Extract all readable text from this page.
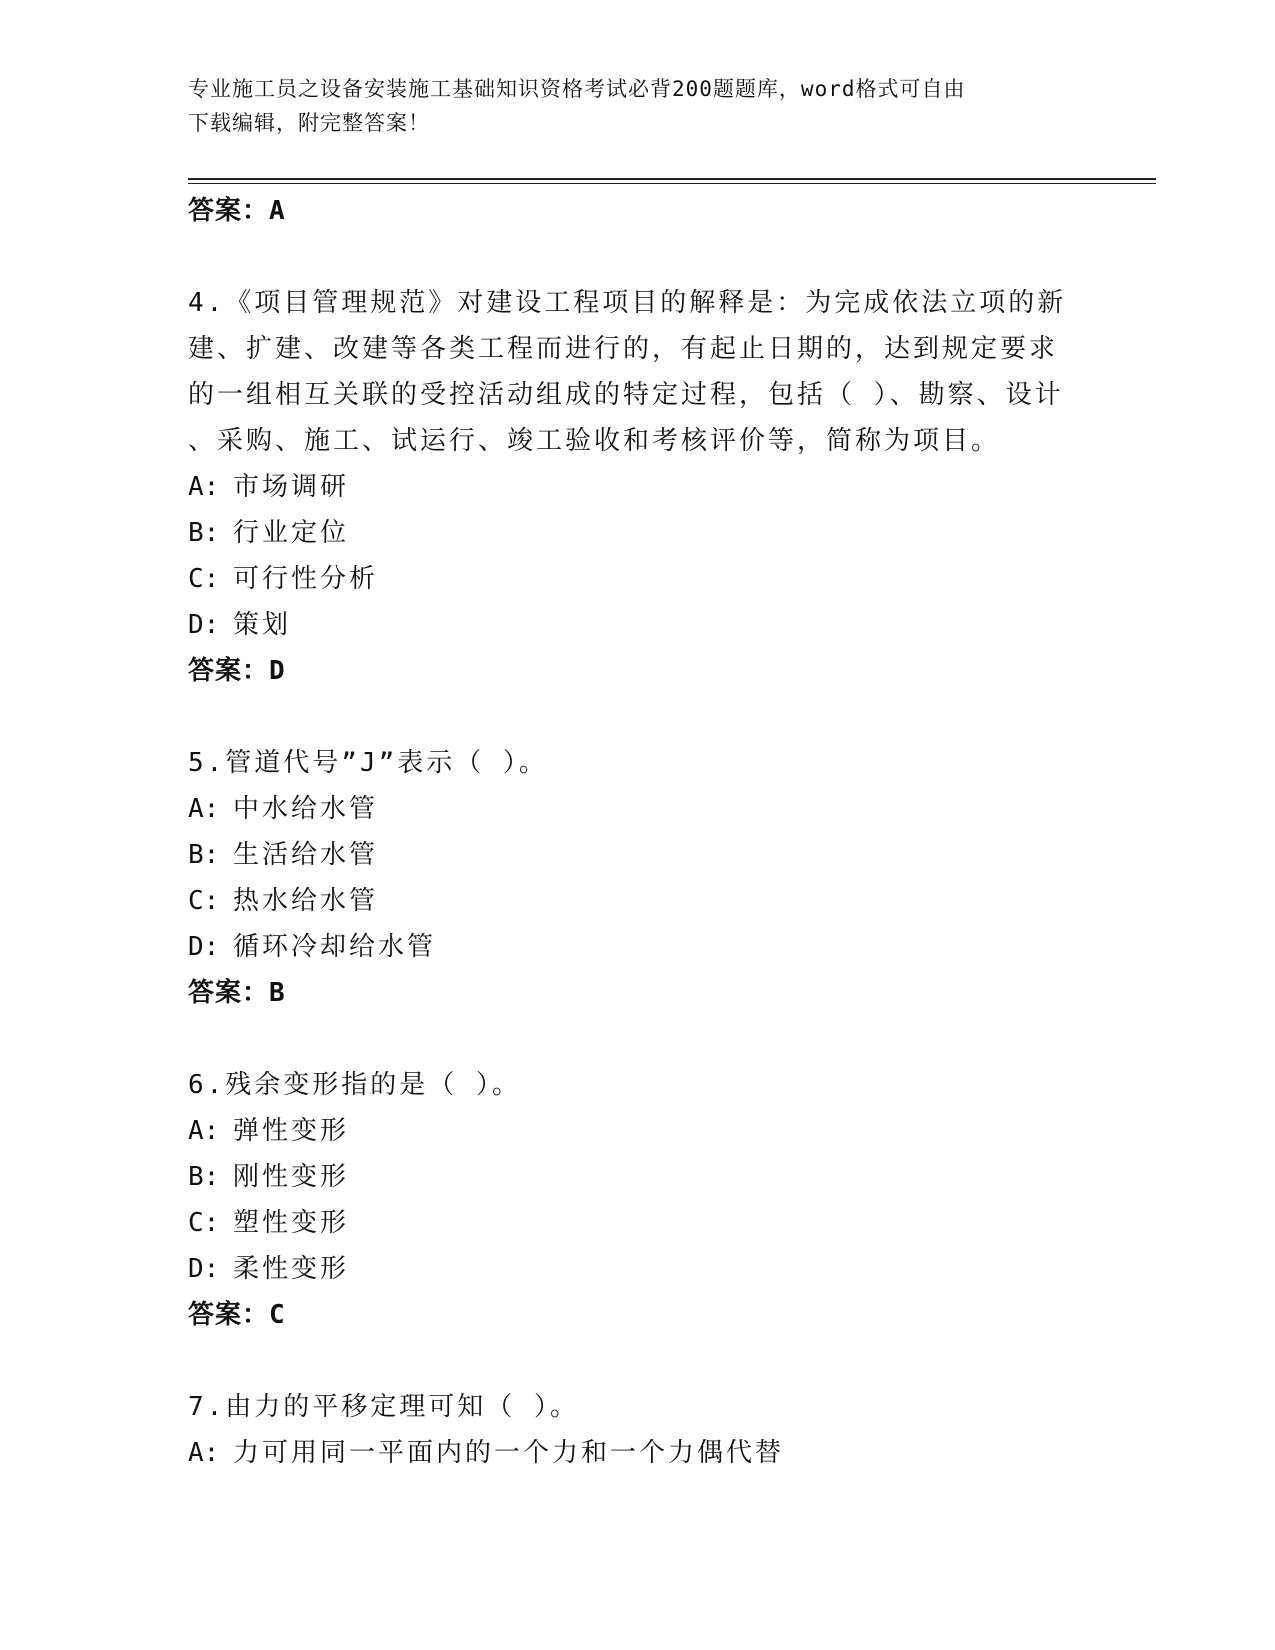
专业施工员之设备安装施工基础知识资格考试必背200题题库，word格式可自由
下载编辑，附完整答案！
答案：A
4.《项目管理规范》对建设工程项目的解释是：为完成依法立项的新
建、扩建、改建等各类工程而进行的，有起止日期的，达到规定要求
的一组相互关联的受控活动组成的特定过程，包括（ ）、勘察、设计
、采购、施工、试运行、竣工验收和考核评价等，简称为项目。
A: 市场调研
B: 行业定位
C: 可行性分析
D: 策划
答案：D
5.管道代号”J”表示（ ）。
A: 中水给水管
B: 生活给水管
C: 热水给水管
D: 循环冷却给水管
答案：B
6.残余变形指的是（ ）。
A: 弹性变形
B: 刚性变形
C: 塑性变形
D: 柔性变形
答案：C
7.由力的平移定理可知（ ）。
A: 力可用同一平面内的一个力和一个力偶代替
